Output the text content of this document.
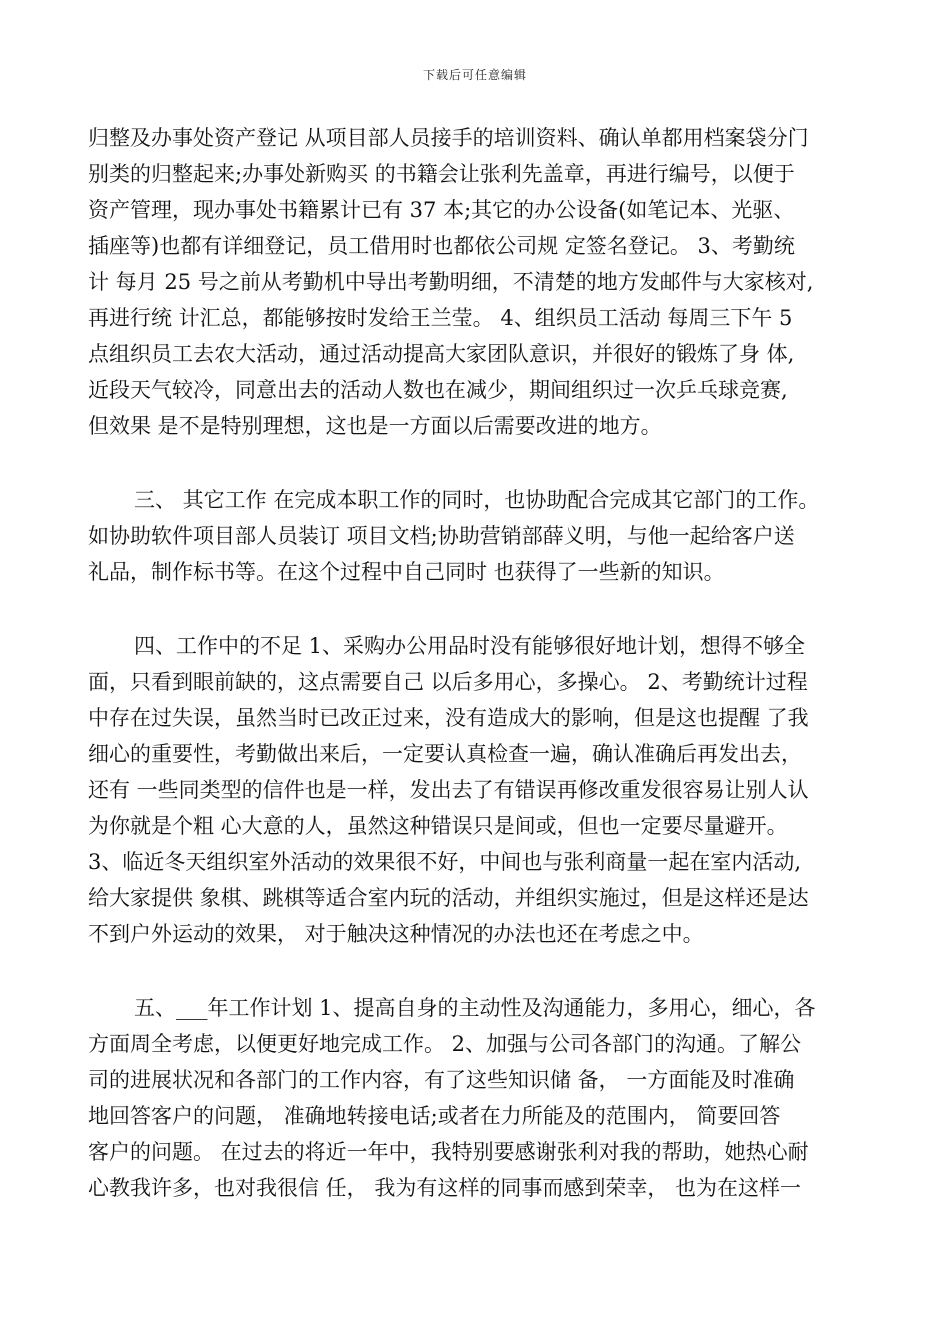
下载后可任意编辑
归整及办事处资产登记 从项目部人员接手的培训资料、确认单都用档案袋分门
别类的归整起来;办事处新购买 的书籍会让张利先盖章，再进行编号，以便于
资产管理，现办事处书籍累计已有 37 本;其它的办公设备(如笔记本、光驱、
插座等)也都有详细登记，员工借用时也都依公司规 定签名登记。 3、考勤统
计 每月 25 号之前从考勤机中导出考勤明细，不清楚的地方发邮件与大家核对,
再进行统 计汇总，都能够按时发给王兰莹。 4、组织员工活动 每周三下午 5
点组织员工去农大活动，通过活动提高大家团队意识，并很好的锻炼了身 体,
近段天气较冷，同意出去的活动人数也在减少，期间组织过一次乒乓球竞赛,
但效果 是不是特别理想，这也是一方面以后需要改进的地方。
三、 其它工作 在完成本职工作的同时，也协助配合完成其它部门的工作。
如协助软件项目部人员装订 项目文档;协助营销部薛义明，与他一起给客户送
礼品，制作标书等。在这个过程中自己同时 也获得了一些新的知识。
四、工作中的不足 1、采购办公用品时没有能够很好地计划，想得不够全
面，只看到眼前缺的，这点需要自己 以后多用心，多操心。 2、考勤统计过程
中存在过失误，虽然当时已改正过来，没有造成大的影响，但是这也提醒 了我
细心的重要性，考勤做出来后，一定要认真检查一遍，确认准确后再发出去，
还有 一些同类型的信件也是一样，发出去了有错误再修改重发很容易让别人认
为你就是个粗 心大意的人，虽然这种错误只是间或，但也一定要尽量避开。
3、临近冬天组织室外活动的效果很不好，中间也与张利商量一起在室内活动,
给大家提供 象棋、跳棋等适合室内玩的活动，并组织实施过，但是这样还是达
不到户外运动的效果， 对于触决这种情况的办法也还在考虑之中。
五、___年工作计划 1、提高自身的主动性及沟通能力，多用心，细心，各
方面周全考虑，以便更好地完成工作。 2、加强与公司各部门的沟通。了解公
司的进展状况和各部门的工作内容，有了这些知识储 备， 一方面能及时准确
地回答客户的问题， 准确地转接电话;或者在力所能及的范围内， 简要回答
客户的问题。 在过去的将近一年中，我特别要感谢张利对我的帮助，她热心耐
心教我许多，也对我很信 任， 我为有这样的同事而感到荣幸， 也为在这样一
